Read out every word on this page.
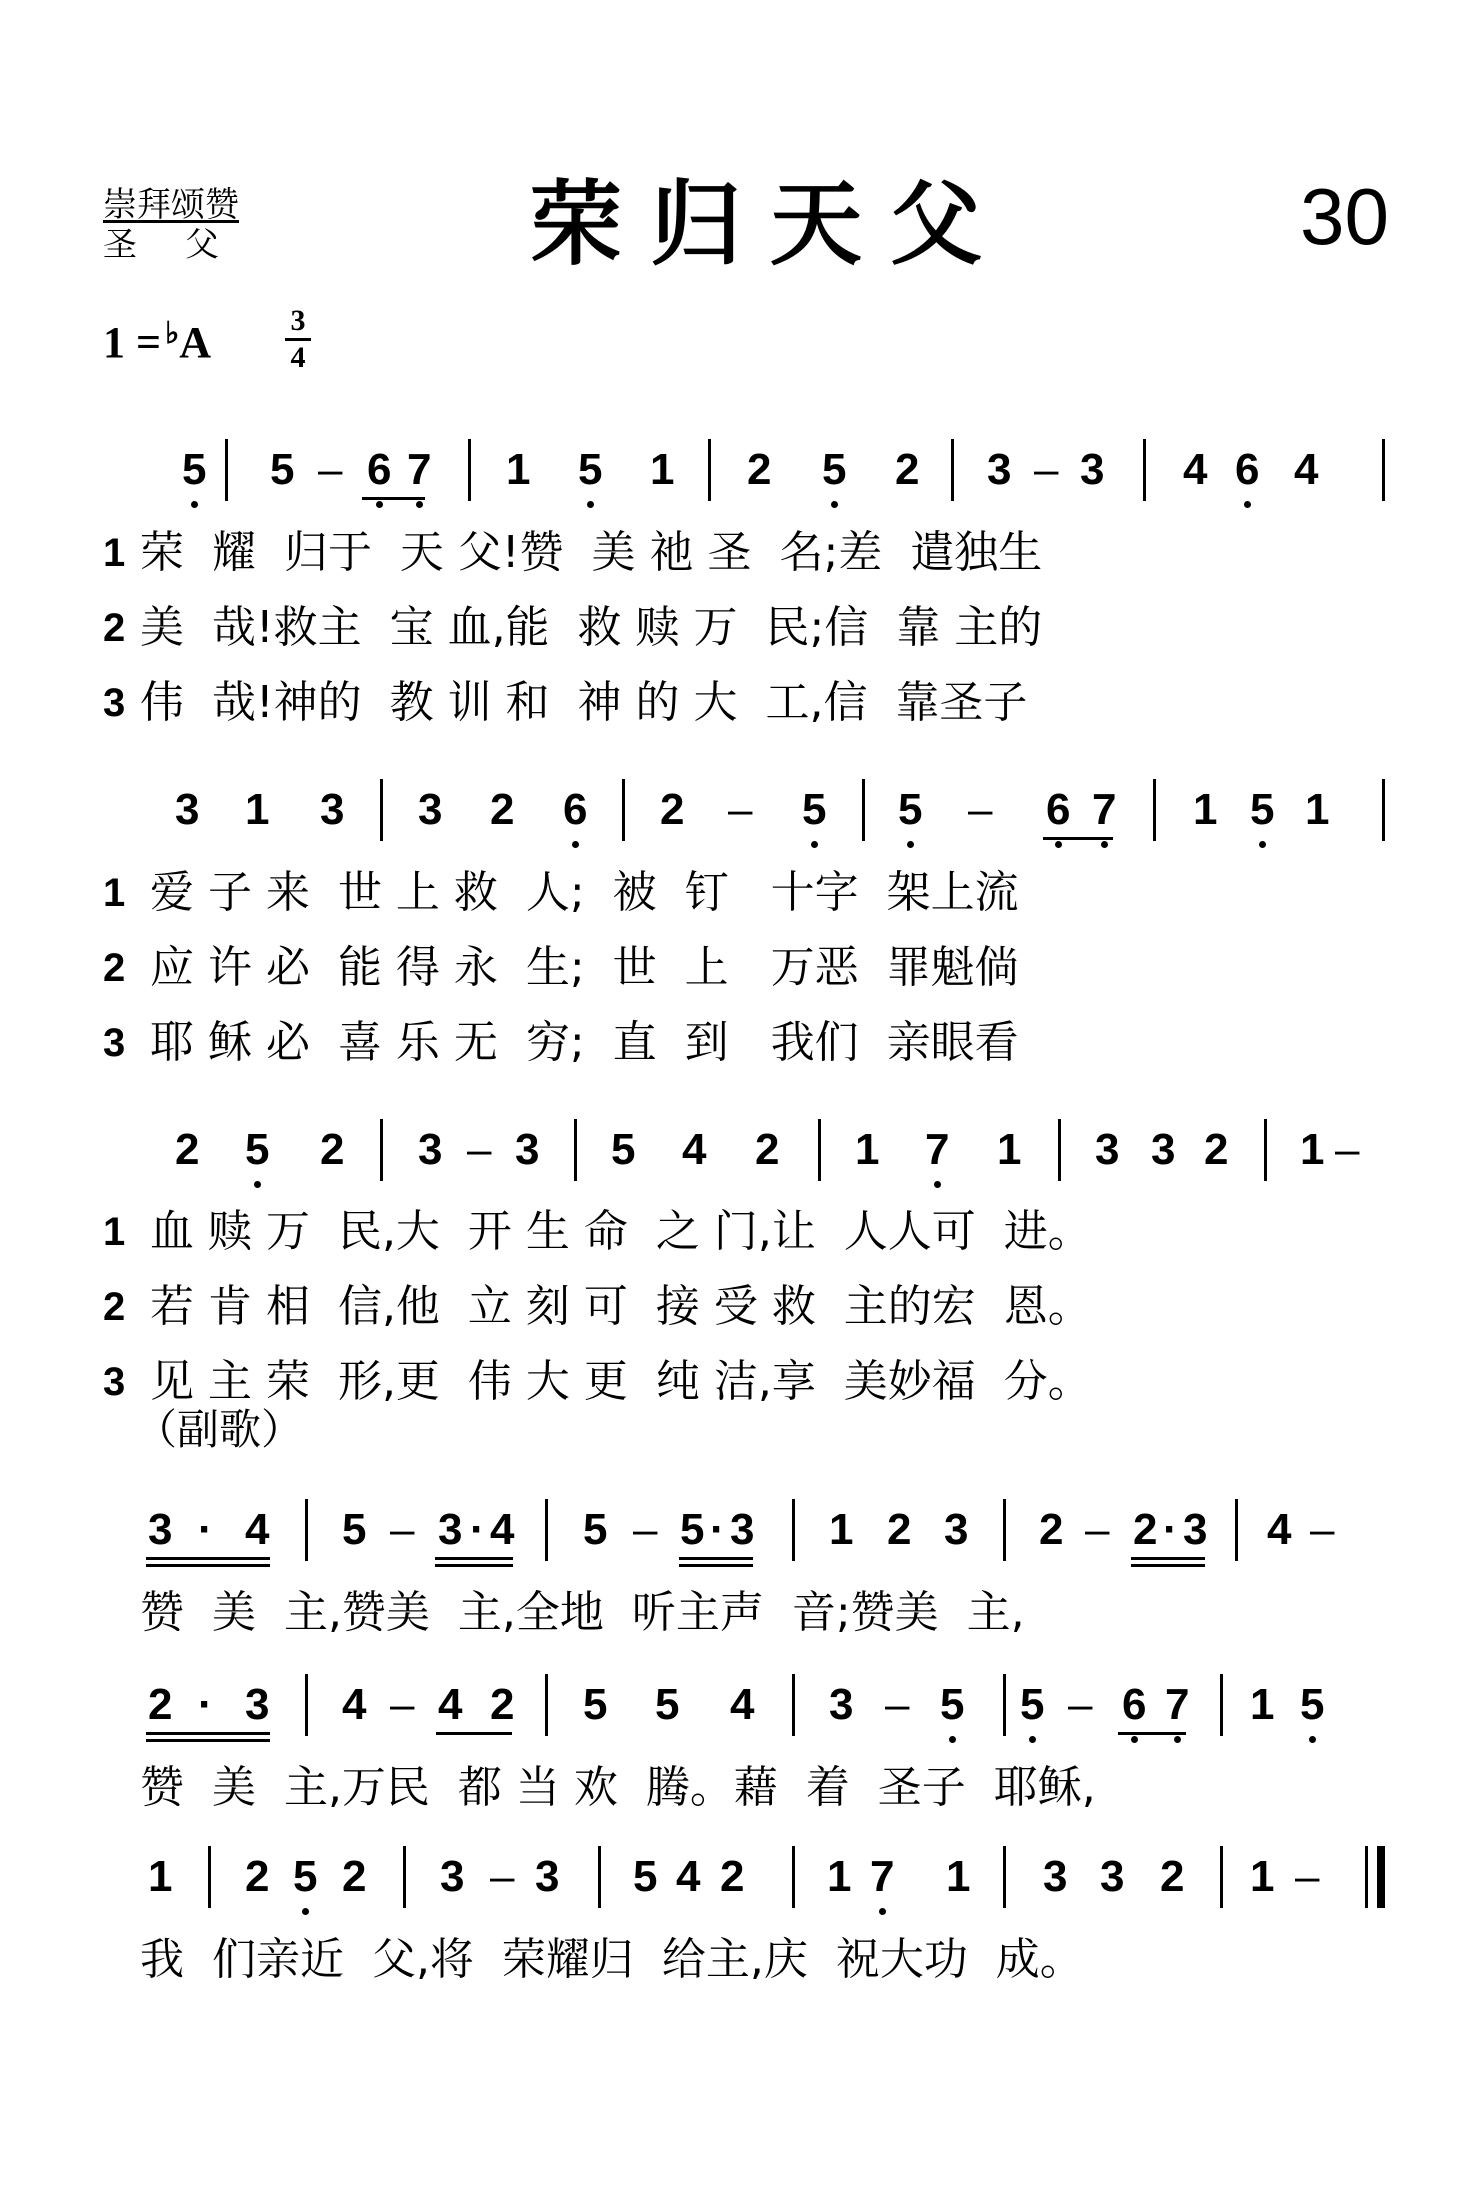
崇拜颂赞
圣父	荣归天父	30
1 = ♭A	3
4
5 5 – 6 7 1 5 1 2 5 2 3 – 3 4 6 4
3 1 3 3 2 6 2 – 5 5 – 6 7 1 5 1
2 5 2 3 – 3 5 4 2 1 7 1 3 3 2 1 –
3 · 4 5 – 3 · 4 5 – 5 · 3 1 2 3 2 – 2 · 3 4 –
2 · 3 4 – 4 2 5 5 4 3 – 5 5 – 6 7 1 5
1 2 5 2 3 – 3 5 4 2 1 7 1 3 3 2 1 –
1 荣  耀  归于  天 父!赞  美 祂 圣  名;差  遣独生
2 美  哉!救主  宝 血,能  救 赎 万  民;信  靠 主的
3 伟  哉!神的  教 训 和  神 的 大  工,信  靠圣子
1 爱 子 来  世 上 救  人;  被  钉   十字  架上流
2 应 许 必  能 得 永  生;  世  上   万恶  罪魁倘
3 耶 稣 必  喜 乐 无  穷;  直  到   我们  亲眼看
1 血 赎 万  民,大  开 生 命  之 门,让  人人可  进。
2 若 肯 相  信,他  立 刻 可  接 受 救  主的宏  恩。
3 见 主 荣  形,更  伟 大 更  纯 洁,享  美妙福  分。
赞  美  主,赞美  主,全地  听主声  音;赞美  主,
赞  美  主,万民  都 当 欢  腾。藉  着  圣子  耶稣,
我  们亲近  父,将  荣耀归  给主,庆  祝大功  成。
（副歌）
